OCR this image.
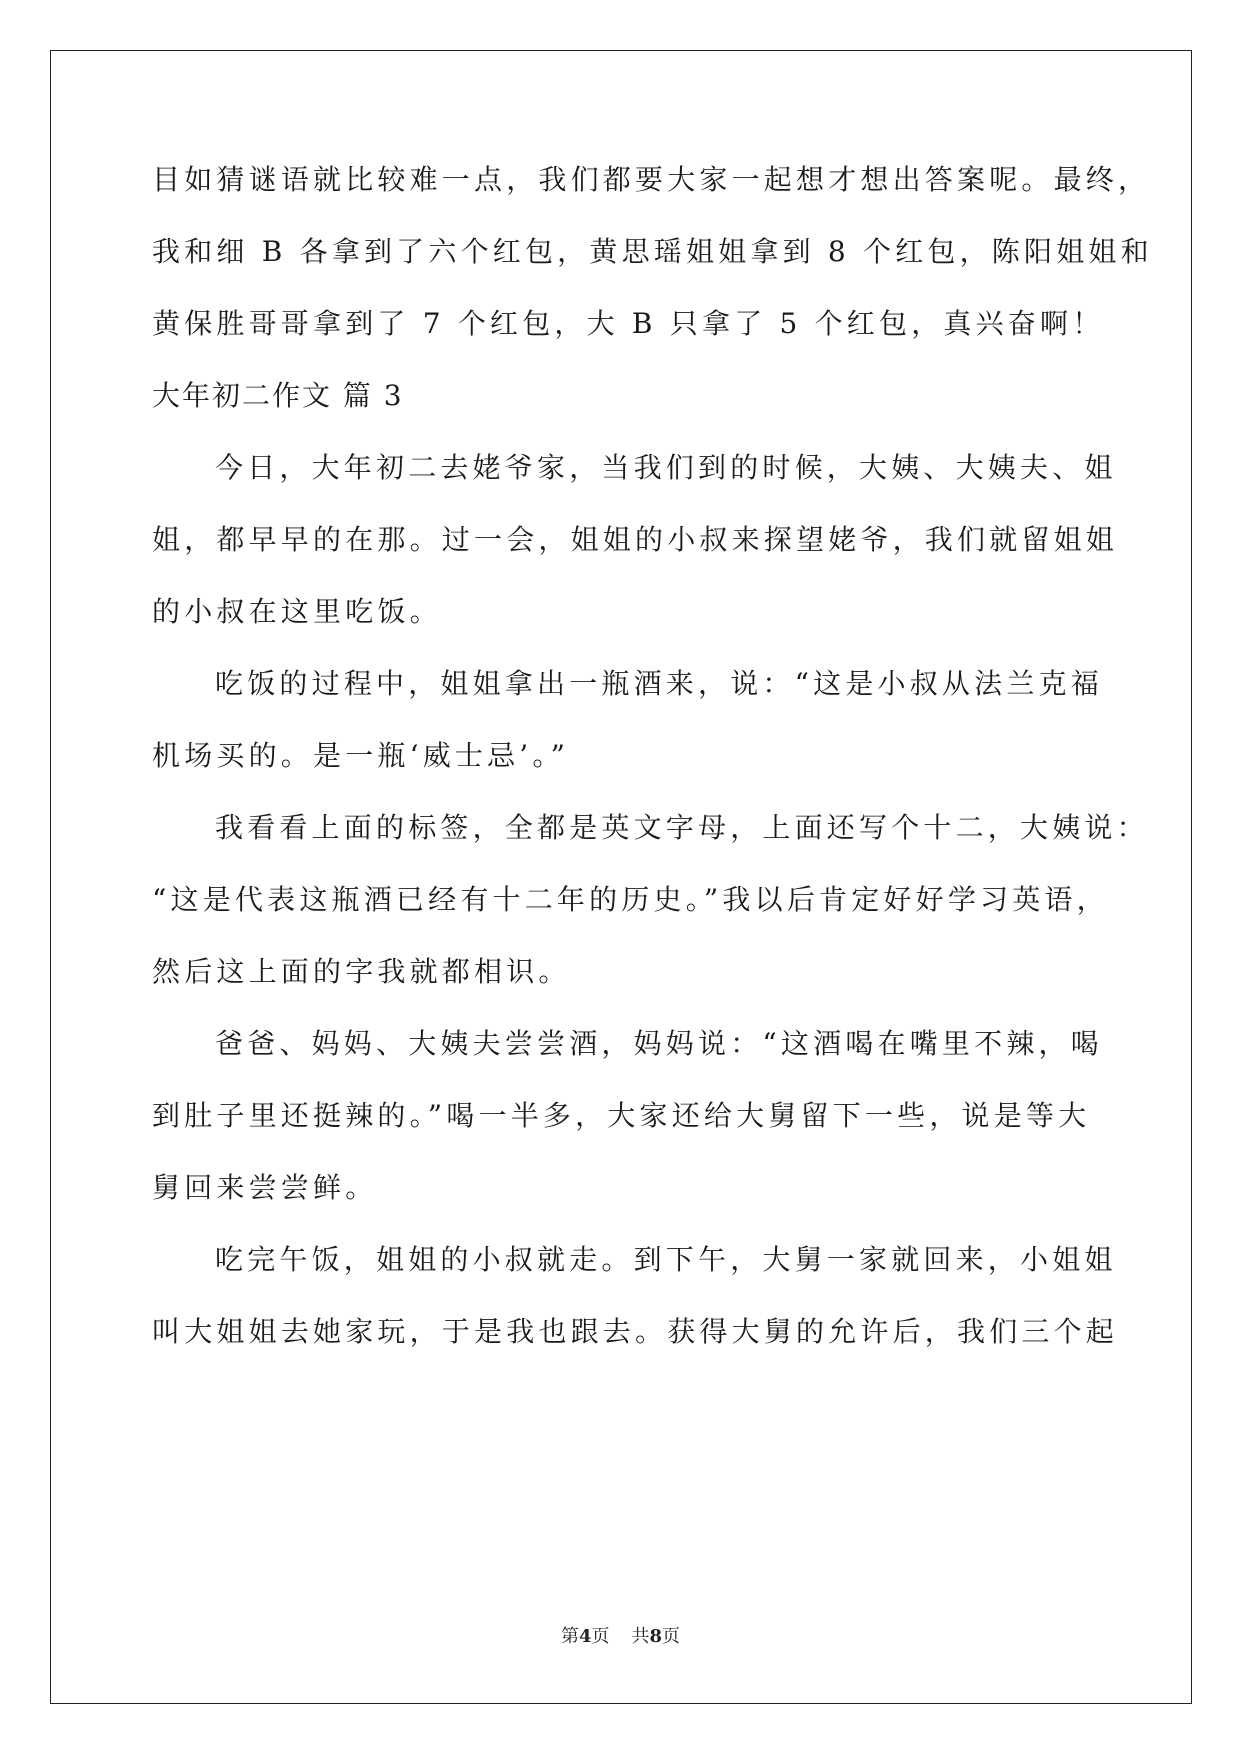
目如猜谜语就比较难一点，我们都要大家一起想才想出答案呢。最终，
我和细 B 各拿到了六个红包，黄思瑶姐姐拿到 8 个红包，陈阳姐姐和
黄保胜哥哥拿到了 7 个红包，大 B 只拿了 5 个红包，真兴奋啊！
大年初二作文 篇 3
今日，大年初二去姥爷家，当我们到的时候，大姨、大姨夫、姐
姐，都早早的在那。过一会，姐姐的小叔来探望姥爷，我们就留姐姐
的小叔在这里吃饭。
吃饭的过程中，姐姐拿出一瓶酒来，说：“这是小叔从法兰克福
机场买的。是一瓶‘威士忌’。”
我看看上面的标签，全都是英文字母，上面还写个十二，大姨说：
“这是代表这瓶酒已经有十二年的历史。”我以后肯定好好学习英语，
然后这上面的字我就都相识。
爸爸、妈妈、大姨夫尝尝酒，妈妈说：“这酒喝在嘴里不辣，喝
到肚子里还挺辣的。”喝一半多，大家还给大舅留下一些，说是等大
舅回来尝尝鲜。
吃完午饭，姐姐的小叔就走。到下午，大舅一家就回来，小姐姐
叫大姐姐去她家玩，于是我也跟去。获得大舅的允许后，我们三个起
第4页 共8页
